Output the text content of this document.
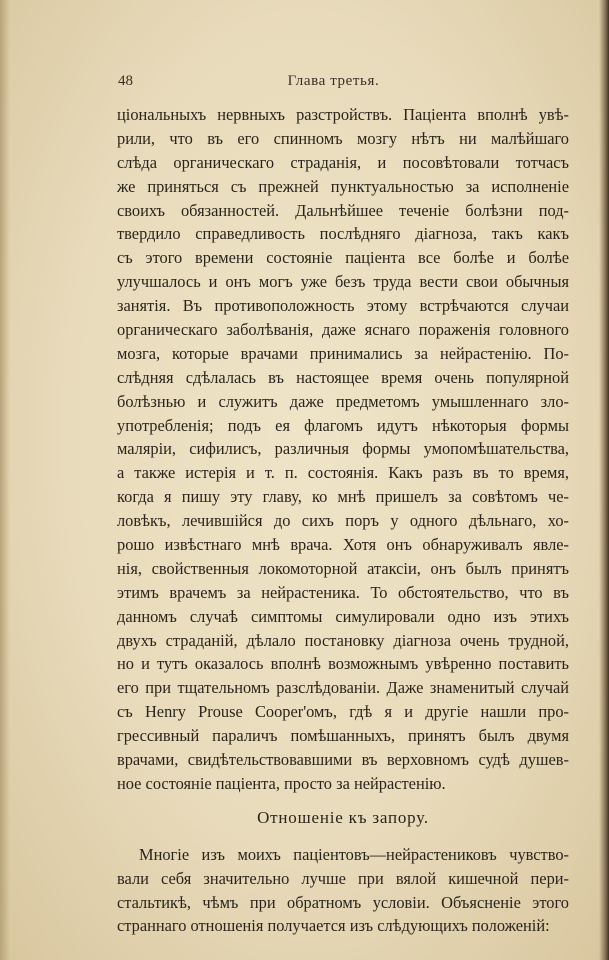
48	Глава третья.
ціональныхъ нервныхъ разстройствъ. Паціента вполнѣ увѣ-
рили, что въ его спинномъ мозгу нѣтъ ни малѣйшаго
слѣда органическаго страданія, и посовѣтовали тотчасъ
же приняться съ прежней пунктуальностью за исполненіе
своихъ обязанностей. Дальнѣйшее теченіе болѣзни под-
твердило справедливость послѣдняго діагноза, такъ какъ
съ этого времени состояніе паціента все болѣе и болѣе
улучшалось и онъ могъ уже безъ труда вести свои обычныя
занятія. Въ противоположность этому встрѣчаются случаи
органическаго заболѣванія, даже яснаго пораженія головного
мозга, которые врачами принимались за нейрастенію. По-
слѣдняя сдѣлалась въ настоящее время очень популярной
болѣзнью и служитъ даже предметомъ умышленнаго зло-
употребленія; подъ ея флагомъ идутъ нѣкоторыя формы
маляріи, сифилисъ, различныя формы умопомѣшательства,
а также истерія и т. п. состоянія. Какъ разъ въ то время,
когда я пишу эту главу, ко мнѣ пришелъ за совѣтомъ че-
ловѣкъ, лечившійся до сихъ поръ у одного дѣльнаго, хо-
рошо извѣстнаго мнѣ врача. Хотя онъ обнаруживалъ явле-
нія, свойственныя локомоторной атаксіи, онъ былъ принятъ
этимъ врачемъ за нейрастеника. То обстоятельство, что въ
данномъ случаѣ симптомы симулировали одно изъ этихъ
двухъ страданій, дѣлало постановку діагноза очень трудной,
но и тутъ оказалось вполнѣ возможнымъ увѣренно поставить
его при тщательномъ разслѣдованіи. Даже знаменитый случай
съ Henry Prouse Cooper'омъ, гдѣ я и другіе нашли про-
грессивный параличъ помѣшанныхъ, принятъ былъ двумя
врачами, свидѣтельствовавшими въ верховномъ судѣ душев-
ное состояніе паціента, просто за нейрастенію.
Отношеніе къ запору.
Многіе изъ моихъ паціентовъ—нейрастениковъ чувство-
вали себя значительно лучше при вялой кишечной пери-
стальтикѣ, чѣмъ при обратномъ условіи. Объясненіе этого
страннаго отношенія получается изъ слѣдующихъ положеній:
